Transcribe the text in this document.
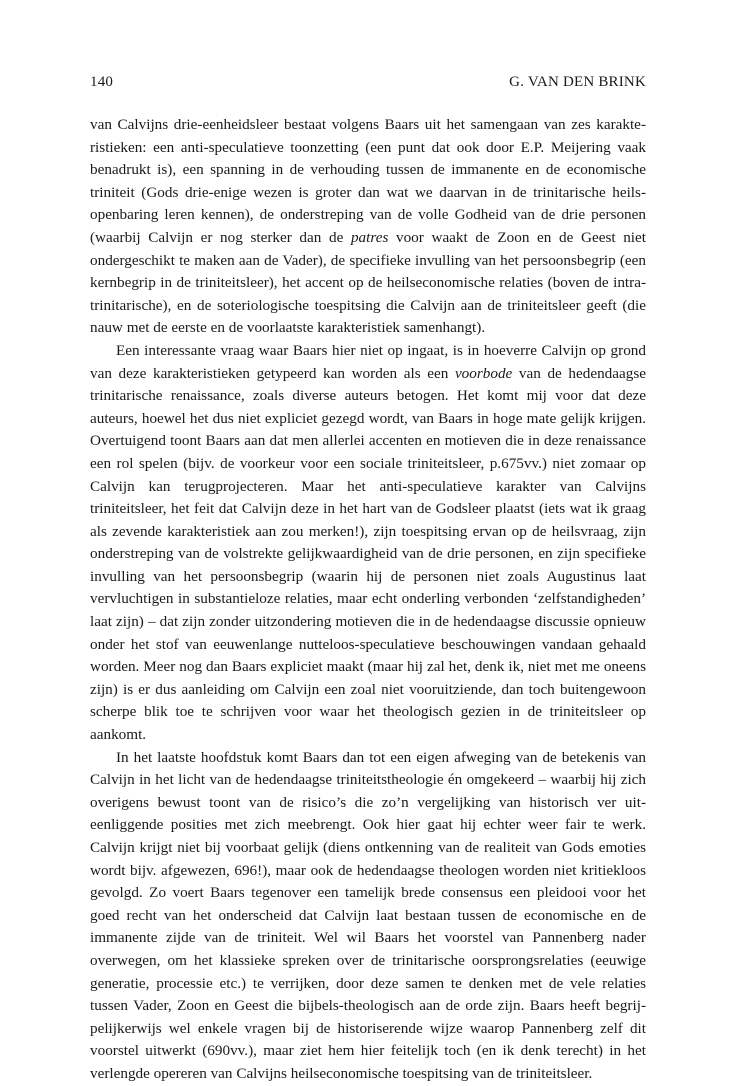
140	G. VAN DEN BRINK

van Calvijns drie-eenheidsleer bestaat volgens Baars uit het samengaan van zes karakteristieken: een anti-speculatieve toonzetting (een punt dat ook door E.P. Meijering vaak benadrukt is), een spanning in de verhouding tussen de immanente en de economische triniteit (Gods drie-enige wezen is groter dan wat we daarvan in de trinitarische heilsopenbaring leren kennen), de onderstreping van de volle Godheid van de drie personen (waarbij Calvijn er nog sterker dan de patres voor waakt de Zoon en de Geest niet ondergeschikt te maken aan de Vader), de specifieke invulling van het persoonsbegrip (een kernbegrip in de triniteitsleer), het accent op de heilseconomische relaties (boven de intra-trinitarische), en de soteriologische toespitsing die Calvijn aan de triniteitsleer geeft (die nauw met de eerste en de voorlaatste karakteristiek samenhangt).

Een interessante vraag waar Baars hier niet op ingaat, is in hoeverre Calvijn op grond van deze karakteristieken getypeerd kan worden als een voorbode van de hedendaagse trinitarische renaissance, zoals diverse auteurs betogen. Het komt mij voor dat deze auteurs, hoewel het dus niet expliciet gezegd wordt, van Baars in hoge mate gelijk krijgen. Overtuigend toont Baars aan dat men allerlei accenten en motieven die in deze renaissance een rol spelen (bijv. de voorkeur voor een sociale triniteitsleer, p.675vv.) niet zomaar op Calvijn kan terugprojecteren. Maar het anti-speculatieve karakter van Calvijns triniteitsleer, het feit dat Calvijn deze in het hart van de Godsleer plaatst (iets wat ik graag als zevende karakteristiek aan zou merken!), zijn toespitsing ervan op de heilsvraag, zijn onderstreping van de volstrekte gelijkwaardigheid van de drie personen, en zijn specifieke invulling van het persoonsbegrip (waarin hij de personen niet zoals Augustinus laat vervluchtigen in substantieloze relaties, maar echt onderling verbonden ‘zelfstandigheden’ laat zijn) – dat zijn zonder uitzondering motieven die in de hedendaagse discussie opnieuw onder het stof van eeuwenlange nutteloos-speculatieve beschouwingen vandaan gehaald worden. Meer nog dan Baars expliciet maakt (maar hij zal het, denk ik, niet met me oneens zijn) is er dus aanleiding om Calvijn een zoal niet vooruitziende, dan toch buitengewoon scherpe blik toe te schrijven voor waar het theologisch gezien in de triniteitsleer op aankomt.

In het laatste hoofdstuk komt Baars dan tot een eigen afweging van de betekenis van Calvijn in het licht van de hedendaagse triniteitstheologie én omgekeerd – waarbij hij zich overigens bewust toont van de risico’s die zo’n vergelijking van historisch ver uiteenliggende posities met zich meebrengt. Ook hier gaat hij echter weer fair te werk. Calvijn krijgt niet bij voorbaat gelijk (diens ontkenning van de realiteit van Gods emoties wordt bijv. afgewezen, 696!), maar ook de hedendaagse theologen worden niet kritiekloos gevolgd. Zo voert Baars tegenover een tamelijk brede consensus een pleidooi voor het goed recht van het onderscheid dat Calvijn laat bestaan tussen de economische en de immanente zijde van de triniteit. Wel wil Baars het voorstel van Pannenberg nader overwegen, om het klassieke spreken over de trinitarische oorsprongsrelaties (eeuwige generatie, processie etc.) te verrijken, door deze samen te denken met de vele relaties tussen Vader, Zoon en Geest die bijbels-theologisch aan de orde zijn. Baars heeft begrijpelijkerwijs wel enkele vragen bij de historiserende wijze waarop Pannenberg zelf dit voorstel uitwerkt (690vv.), maar ziet hem hier feitelijk toch (en ik denk terecht) in het verlengde opereren van Calvijns heilseconomische toespitsing van de triniteitsleer.
